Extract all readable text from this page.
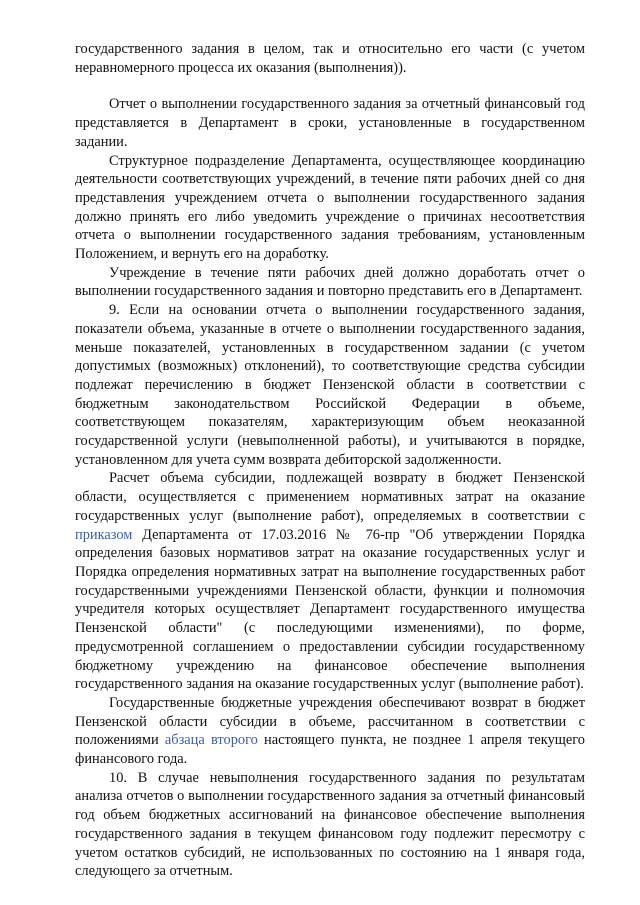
государственного задания в целом, так и относительно его части (с учетом неравномерного процесса их оказания (выполнения)).

Отчет о выполнении государственного задания за отчетный финансовый год представляется в Департамент в сроки, установленные в государственном задании.

Структурное подразделение Департамента, осуществляющее координацию деятельности соответствующих учреждений, в течение пяти рабочих дней со дня представления учреждением отчета о выполнении государственного задания должно принять его либо уведомить учреждение о причинах несоответствия отчета о выполнении государственного задания требованиям, установленным Положением, и вернуть его на доработку.

Учреждение в течение пяти рабочих дней должно доработать отчет о выполнении государственного задания и повторно представить его в Департамент.

9. Если на основании отчета о выполнении государственного задания, показатели объема, указанные в отчете о выполнении государственного задания, меньше показателей, установленных в государственном задании (с учетом допустимых (возможных) отклонений), то соответствующие средства субсидии подлежат перечислению в бюджет Пензенской области в соответствии с бюджетным законодательством Российской Федерации в объеме, соответствующем показателям, характеризующим объем неоказанной государственной услуги (невыполненной работы), и учитываются в порядке, установленном для учета сумм возврата дебиторской задолженности.

Расчет объема субсидии, подлежащей возврату в бюджет Пензенской области, осуществляется с применением нормативных затрат на оказание государственных услуг (выполнение работ), определяемых в соответствии с приказом Департамента от 17.03.2016 № 76-пр "Об утверждении Порядка определения базовых нормативов затрат на оказание государственных услуг и Порядка определения нормативных затрат на выполнение государственных работ государственными учреждениями Пензенской области, функции и полномочия учредителя которых осуществляет Департамент государственного имущества Пензенской области" (с последующими изменениями), по форме, предусмотренной соглашением о предоставлении субсидии государственному бюджетному учреждению на финансовое обеспечение выполнения государственного задания на оказание государственных услуг (выполнение работ).

Государственные бюджетные учреждения обеспечивают возврат в бюджет Пензенской области субсидии в объеме, рассчитанном в соответствии с положениями абзаца второго настоящего пункта, не позднее 1 апреля текущего финансового года.

10. В случае невыполнения государственного задания по результатам анализа отчетов о выполнении государственного задания за отчетный финансовый год объем бюджетных ассигнований на финансовое обеспечение выполнения государственного задания в текущем финансовом году подлежит пересмотру с учетом остатков субсидий, не использованных по состоянию на 1 января года, следующего за отчетным.
